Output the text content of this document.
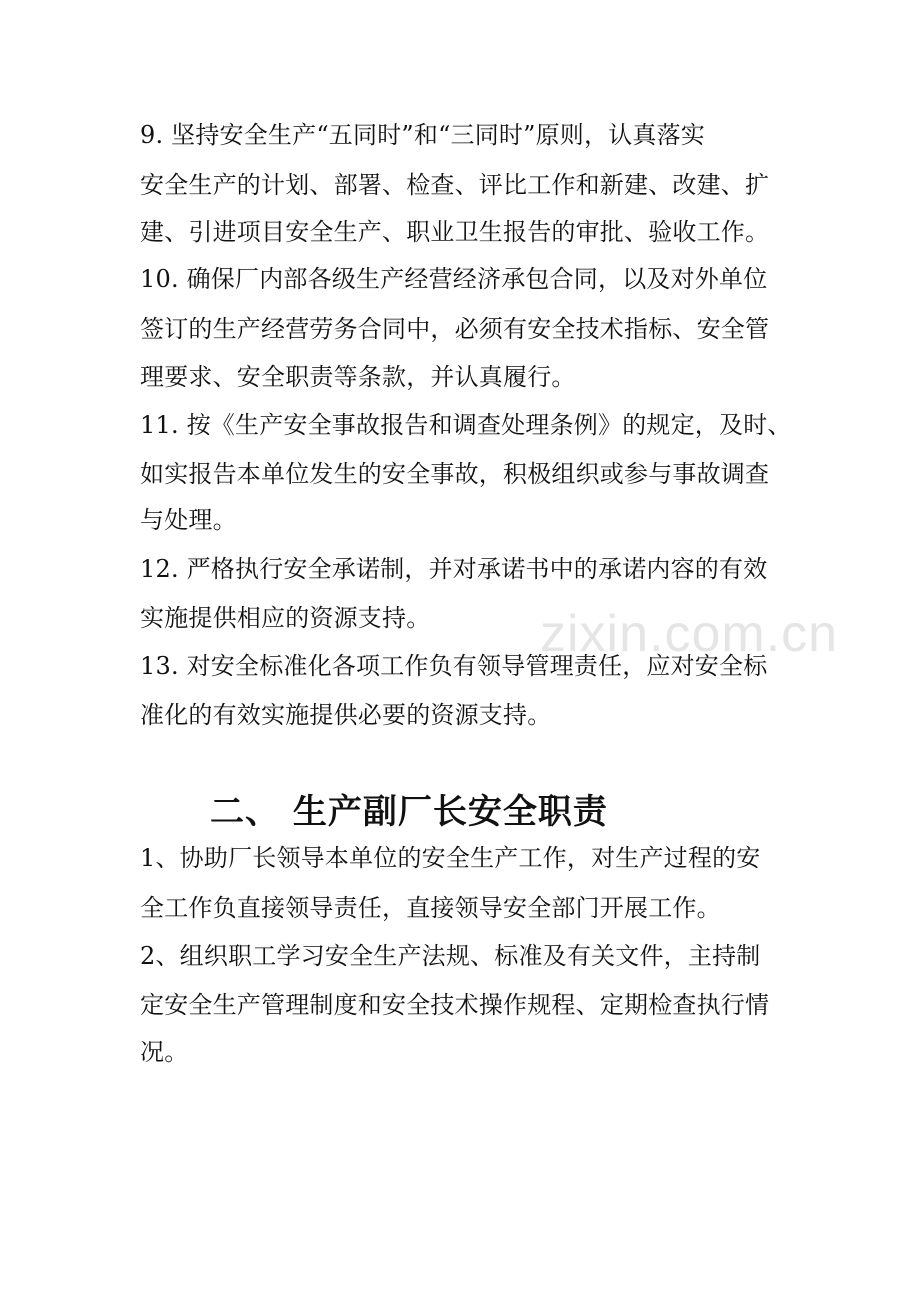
9. 坚持安全生产“五同时”和“三同时”原则，认真落实
安全生产的计划、部署、检查、评比工作和新建、改建、扩
建、引进项目安全生产、职业卫生报告的审批、验收工作。
10. 确保厂内部各级生产经营经济承包合同，以及对外单位
签订的生产经营劳务合同中，必须有安全技术指标、安全管
理要求、安全职责等条款，并认真履行。
11. 按《生产安全事故报告和调查处理条例》的规定，及时、
如实报告本单位发生的安全事故，积极组织或参与事故调查
与处理。
12. 严格执行安全承诺制，并对承诺书中的承诺内容的有效
实施提供相应的资源支持。
13. 对安全标准化各项工作负有领导管理责任，应对安全标
准化的有效实施提供必要的资源支持。
二、 生产副厂长安全职责
1、协助厂长领导本单位的安全生产工作，对生产过程的安
全工作负直接领导责任，直接领导安全部门开展工作。
2、组织职工学习安全生产法规、标准及有关文件，主持制
定安全生产管理制度和安全技术操作规程、定期检查执行情
况。
zixin.com.cn
